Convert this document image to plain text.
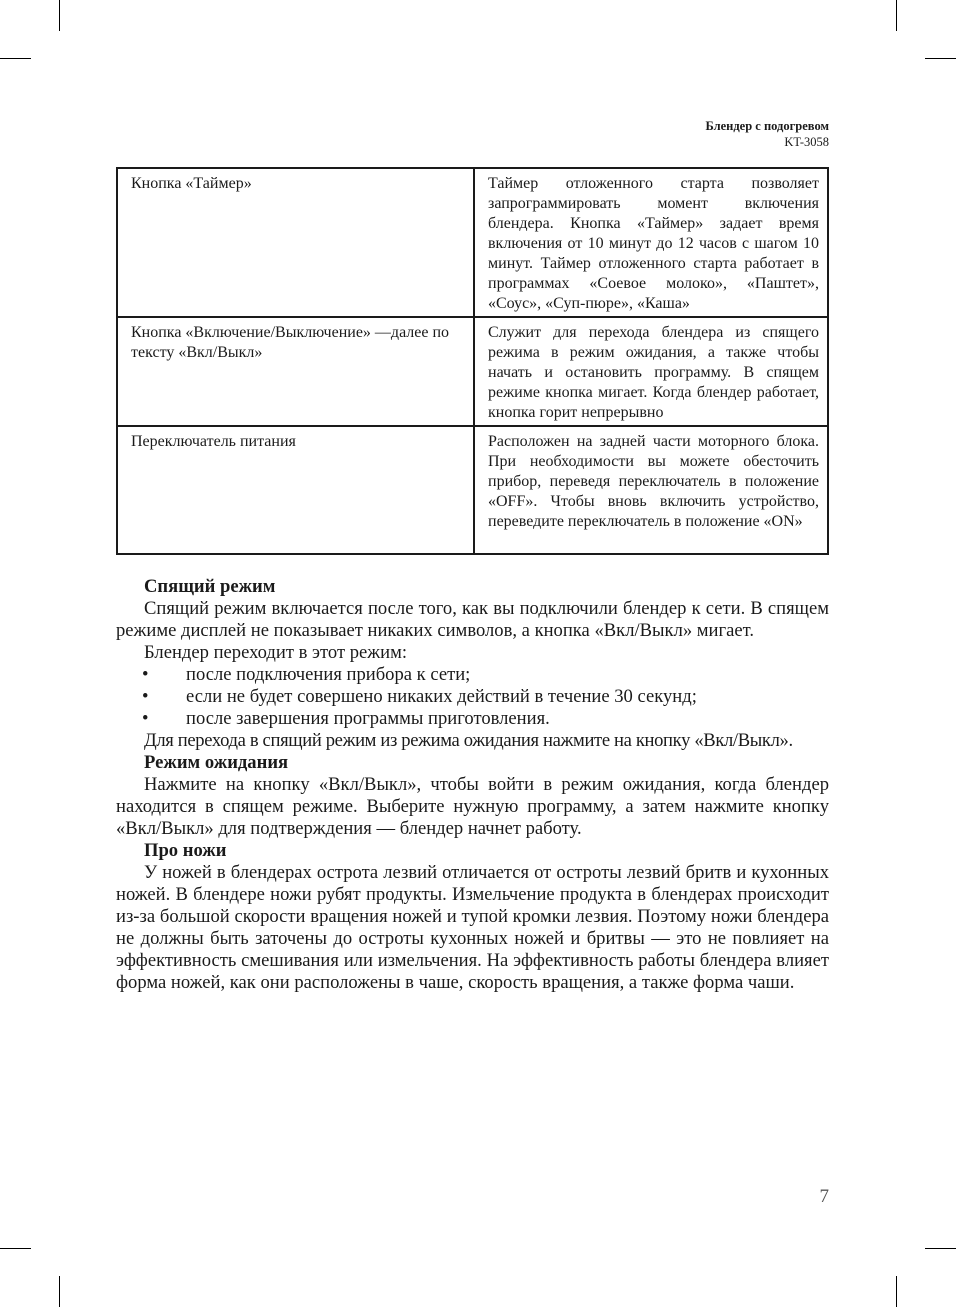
Блендер с подогревом
KT-3058
Кнопка «Таймер»	Таймер отложенного старта позволяет запрограммировать момент включения блендера. Кнопка «Таймер» задает время включения от 10 минут до 12 часов с шагом 10 минут. Таймер отложенного старта работает в программах «Соевое молоко», «Паштет», «Соус», «Суп-пюре», «Каша»
Кнопка «Включение/Выключение» —далее по тексту «Вкл/Выкл»	Служит для перехода блендера из спящего режима в режим ожидания, а также чтобы начать и остановить программу. В спящем режиме кнопка мигает. Когда блендер работает, кнопка горит непрерывно
Переключатель питания	Расположен на задней части моторного блока. При необходимости вы можете обесточить прибор, переведя переключатель в положение «OFF». Чтобы вновь включить устройство, переведите переключатель в положение «ON»
Спящий режим

Спящий режим включается после того, как вы подключили блендер к сети. В спящем режиме дисплей не показывает никаких символов, а кнопка «Вкл/Выкл» мигает.

Блендер переходит в этот режим:

• после подключения прибора к сети;
• если не будет совершено никаких действий в течение 30 секунд;
• после завершения программы приготовления.

Для перехода в спящий режим из режима ожидания нажмите на кнопку «Вкл/Выкл».

Режим ожидания

Нажмите на кнопку «Вкл/Выкл», чтобы войти в режим ожидания, когда блендер находится в спящем режиме. Выберите нужную программу, а затем нажмите кнопку «Вкл/Выкл» для подтверждения — блендер начнет работу.

Про ножи

У ножей в блендерах острота лезвий отличается от остроты лезвий бритв и кухонных ножей. В блендере ножи рубят продукты. Измельчение продукта в блендерах происходит из-за большой скорости вращения ножей и тупой кромки лезвия. Поэтому ножи блендера не должны быть заточены до остроты кухонных ножей и бритвы — это не повлияет на эффективность смешивания или измельчения. На эффективность работы блендера влияет форма ножей, как они расположены в чаше, скорость вращения, а также форма чаши.

7
